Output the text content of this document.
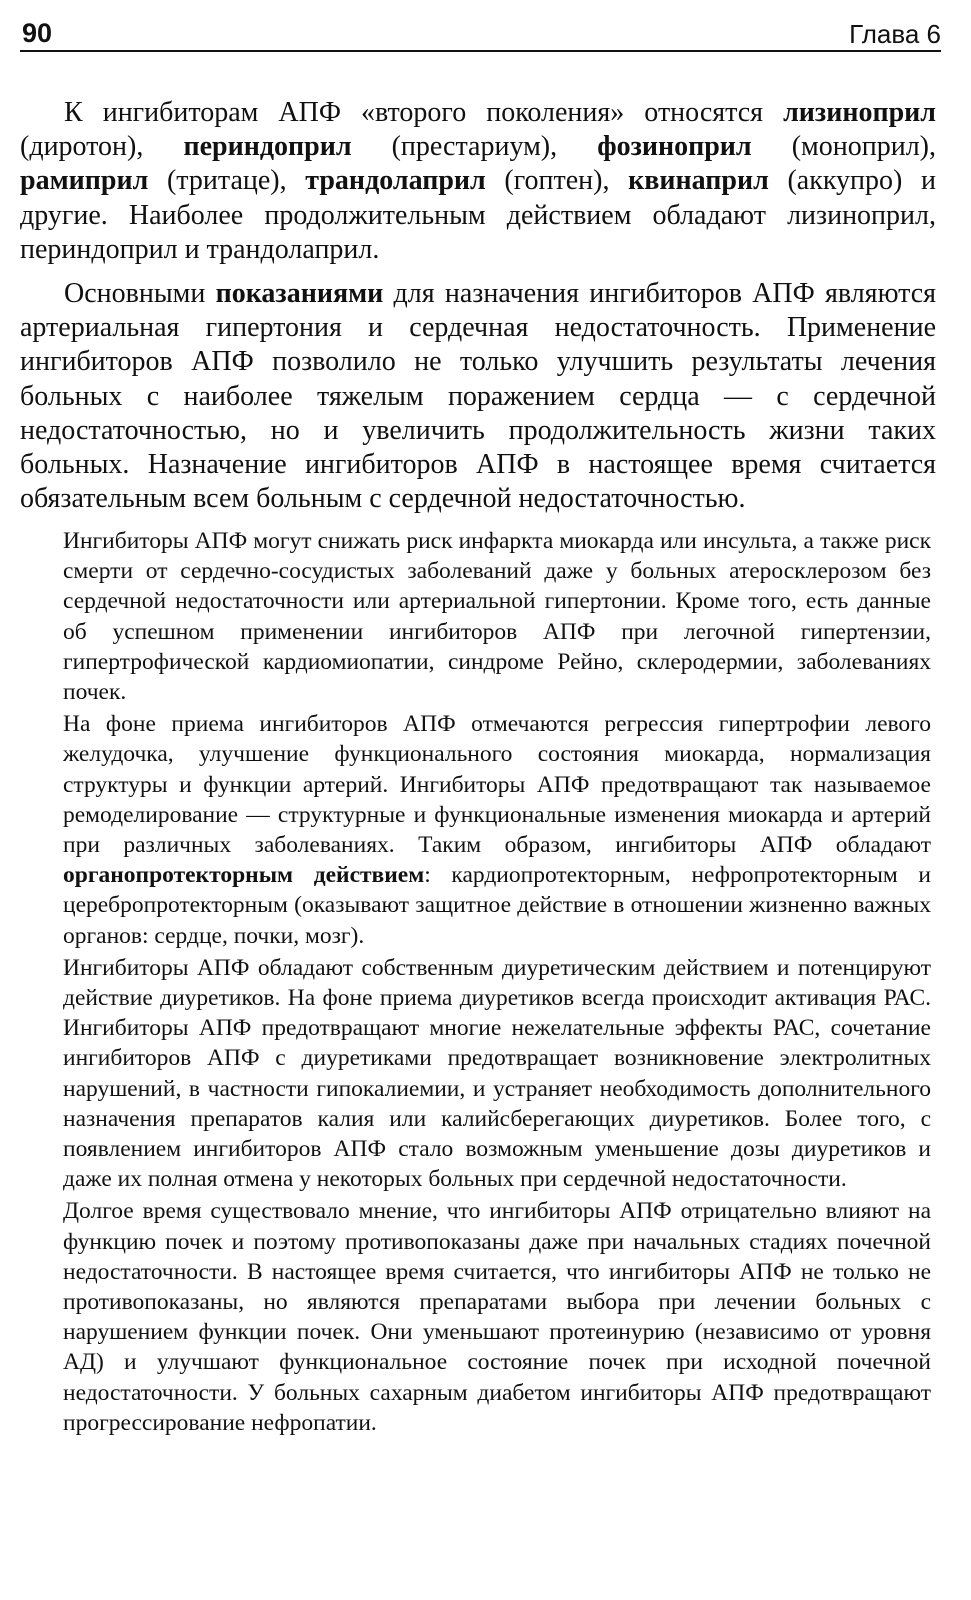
90	Глава 6

К ингибиторам АПФ «второго поколения» относятся лизиноприл (диротон), периндоприл (престариум), фозиноприл (моноприл), рамиприл (тритаце), трандолаприл (гоптен), квинаприл (аккупро) и другие. Наиболее продолжительным действием обладают лизиноприл, периндоприл и трандолаприл.

Основными показаниями для назначения ингибиторов АПФ являются артериальная гипертония и сердечная недостаточность. Применение ингибиторов АПФ позволило не только улучшить результаты лечения больных с наиболее тяжелым поражением сердца — с сердечной недостаточностью, но и увеличить продолжительность жизни таких больных. Назначение ингибиторов АПФ в настоящее время считается обязательным всем больным с сердечной недостаточностью.

Ингибиторы АПФ могут снижать риск инфаркта миокарда или инсульта, а также риск смерти от сердечно-сосудистых заболеваний даже у больных атеросклерозом без сердечной недостаточности или артериальной гипертонии. Кроме того, есть данные об успешном применении ингибиторов АПФ при легочной гипертензии, гипертрофической кардиомиопатии, синдроме Рейно, склеродермии, заболеваниях почек.

На фоне приема ингибиторов АПФ отмечаются регрессия гипертрофии левого желудочка, улучшение функционального состояния миокарда, нормализация структуры и функции артерий. Ингибиторы АПФ предотвращают так называемое ремоделирование — структурные и функциональные изменения миокарда и артерий при различных заболеваниях. Таким образом, ингибиторы АПФ обладают органопротекторным действием: кардиопротекторным, нефропротекторным и церебропротекторным (оказывают защитное действие в отношении жизненно важных органов: сердце, почки, мозг).

Ингибиторы АПФ обладают собственным диуретическим действием и потенцируют действие диуретиков. На фоне приема диуретиков всегда происходит активация РАС. Ингибиторы АПФ предотвращают многие нежелательные эффекты РАС, сочетание ингибиторов АПФ с диуретиками предотвращает возникновение электролитных нарушений, в частности гипокалиемии, и устраняет необходимость дополнительного назначения препаратов калия или калийсберегающих диуретиков. Более того, с появлением ингибиторов АПФ стало возможным уменьшение дозы диуретиков и даже их полная отмена у некоторых больных при сердечной недостаточности.

Долгое время существовало мнение, что ингибиторы АПФ отрицательно влияют на функцию почек и поэтому противопоказаны даже при начальных стадиях почечной недостаточности. В настоящее время считается, что ингибиторы АПФ не только не противопоказаны, но являются препаратами выбора при лечении больных с нарушением функции почек. Они уменьшают протеинурию (независимо от уровня АД) и улучшают функциональное состояние почек при исходной почечной недостаточности. У больных сахарным диабетом ингибиторы АПФ предотвращают прогрессирование нефропатии.
